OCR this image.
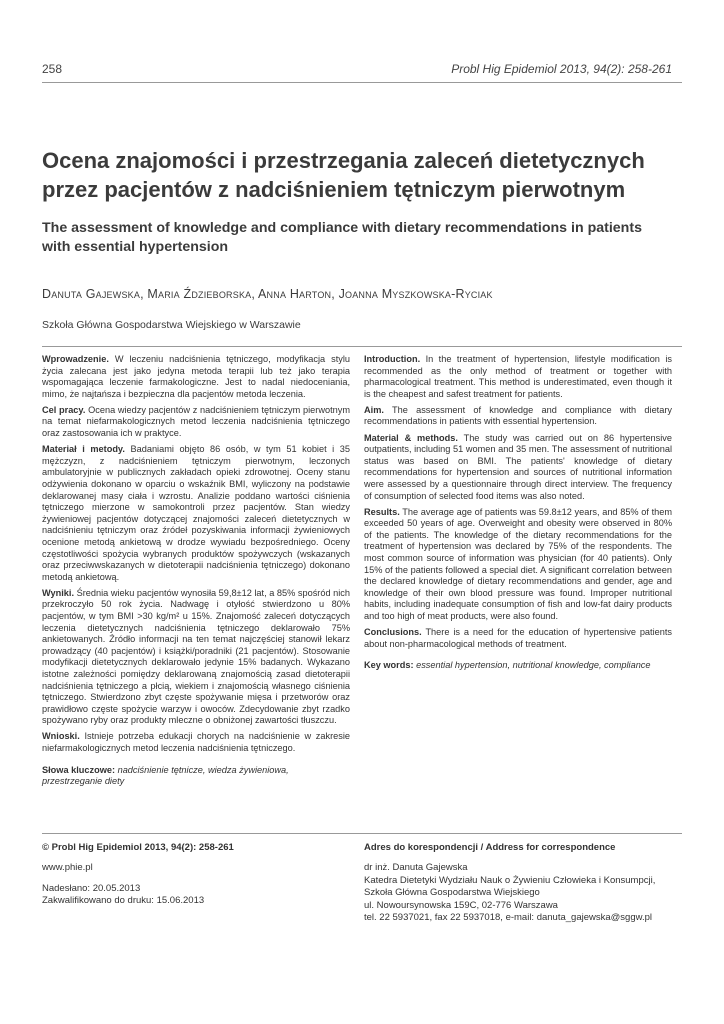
258	Probl Hig Epidemiol 2013, 94(2): 258-261
Ocena znajomości i przestrzegania zaleceń dietetycznych
przez pacjentów z nadciśnieniem tętniczym pierwotnym
The assessment of knowledge and compliance with dietary recommendations in patients
with essential hypertension
Danuta Gajewska, Maria Ździeborska, Anna Harton, Joanna Myszkowska-Ryciak
Szkoła Główna Gospodarstwa Wiejskiego w Warszawie

Wprowadzenie. W leczeniu nadciśnienia tętniczego, modyfikacja stylu życia zalecana jest jako jedyna metoda terapii lub też jako terapia wspomagająca leczenie farmakologiczne. Jest to nadal niedoceniania, mimo, że najtańsza i bezpieczna dla pacjentów metoda leczenia.

Cel pracy. Ocena wiedzy pacjentów z nadciśnieniem tętniczym pierwotnym na temat niefarmakologicznych metod leczenia nadciśnienia tętniczego oraz zastosowania ich w praktyce.

Materiał i metody. Badaniami objęto 86 osób, w tym 51 kobiet i 35 mężczyzn, z nadciśnieniem tętniczym pierwotnym, leczonych ambulatoryjnie w publicznych zakładach opieki zdrowotnej. Oceny stanu odżywienia dokonano w oparciu o wskaźnik BMI, wyliczony na podstawie deklarowanej masy ciała i wzrostu. Analizie poddano wartości ciśnienia tętniczego mierzone w samokontroli przez pacjentów. Stan wiedzy żywieniowej pacjentów dotyczącej znajomości zaleceń dietetycznych w nadciśnieniu tętniczym oraz źródeł pozyskiwania informacji żywieniowych ocenione metodą ankietową w drodze wywiadu bezpośredniego. Oceny częstotliwości spożycia wybranych produktów spożywczych (wskazanych oraz przeciwwskazanych w dietoterapii nadciśnienia tętniczego) dokonano metodą ankietową.

Wyniki. Średnia wieku pacjentów wynosiła 59,8±12 lat, a 85% spośród nich przekroczyło 50 rok życia. Nadwagę i otyłość stwierdzono u 80% pacjentów, w tym BMI >30 kg/m² u 15%. Znajomość zaleceń dotyczących leczenia dietetycznych nadciśnienia tętniczego deklarowało 75% ankietowanych. Źródło informacji na ten temat najczęściej stanowił lekarz prowadzący (40 pacjentów) i książki/poradniki (21 pacjentów). Stosowanie modyfikacji dietetycznych deklarowało jedynie 15% badanych. Wykazano istotne zależności pomiędzy deklarowaną znajomością zasad dietoterapii nadciśnienia tętniczego a płcią, wiekiem i znajomością własnego ciśnienia tętniczego. Stwierdzono zbyt częste spożywanie mięsa i przetworów oraz prawidłowo częste spożycie warzyw i owoców. Zdecydowanie zbyt rzadko spożywano ryby oraz produkty mleczne o obniżonej zawartości tłuszczu.

Wnioski. Istnieje potrzeba edukacji chorych na nadciśnienie w zakresie niefarmakologicznych metod leczenia nadciśnienia tętniczego.

Słowa kluczowe: nadciśnienie tętnicze, wiedza żywieniowa, przestrzeganie diety

Introduction. In the treatment of hypertension, lifestyle modification is recommended as the only method of treatment or together with pharmacological treatment. This method is underestimated, even though it is the cheapest and safest treatment for patients.

Aim. The assessment of knowledge and compliance with dietary recommendations in patients with essential hypertension.

Material & methods. The study was carried out on 86 hypertensive outpatients, including 51 women and 35 men. The assessment of nutritional status was based on BMI. The patients' knowledge of dietary recommendations for hypertension and sources of nutritional information were assessed by a questionnaire through direct interview. The frequency of consumption of selected food items was also noted.

Results. The average age of patients was 59.8±12 years, and 85% of them exceeded 50 years of age. Overweight and obesity were observed in 80% of the patients. The knowledge of the dietary recommendations for the treatment of hypertension was declared by 75% of the respondents. The most common source of information was physician (for 40 patients). Only 15% of the patients followed a special diet. A significant correlation between the declared knowledge of dietary recommendations and gender, age and knowledge of their own blood pressure was found. Improper nutritional habits, including inadequate consumption of fish and low-fat dairy products and too high of meat products, were also found.

Conclusions. There is a need for the education of hypertensive patients about non-pharmacological methods of treatment.

Key words: essential hypertension, nutritional knowledge, compliance

© Probl Hig Epidemiol 2013, 94(2): 258-261
www.phie.pl
Nadesłano: 20.05.2013
Zakwalifikowano do druku: 15.06.2013
Adres do korespondencji / Address for correspondence
dr inż. Danuta Gajewska
Katedra Dietetyki Wydziału Nauk o Żywieniu Człowieka i Konsumpcji,
Szkoła Główna Gospodarstwa Wiejskiego
ul. Nowoursynowska 159C, 02-776 Warszawa
tel. 22 5937021, fax 22 5937018, e-mail: danuta_gajewska@sggw.pl
